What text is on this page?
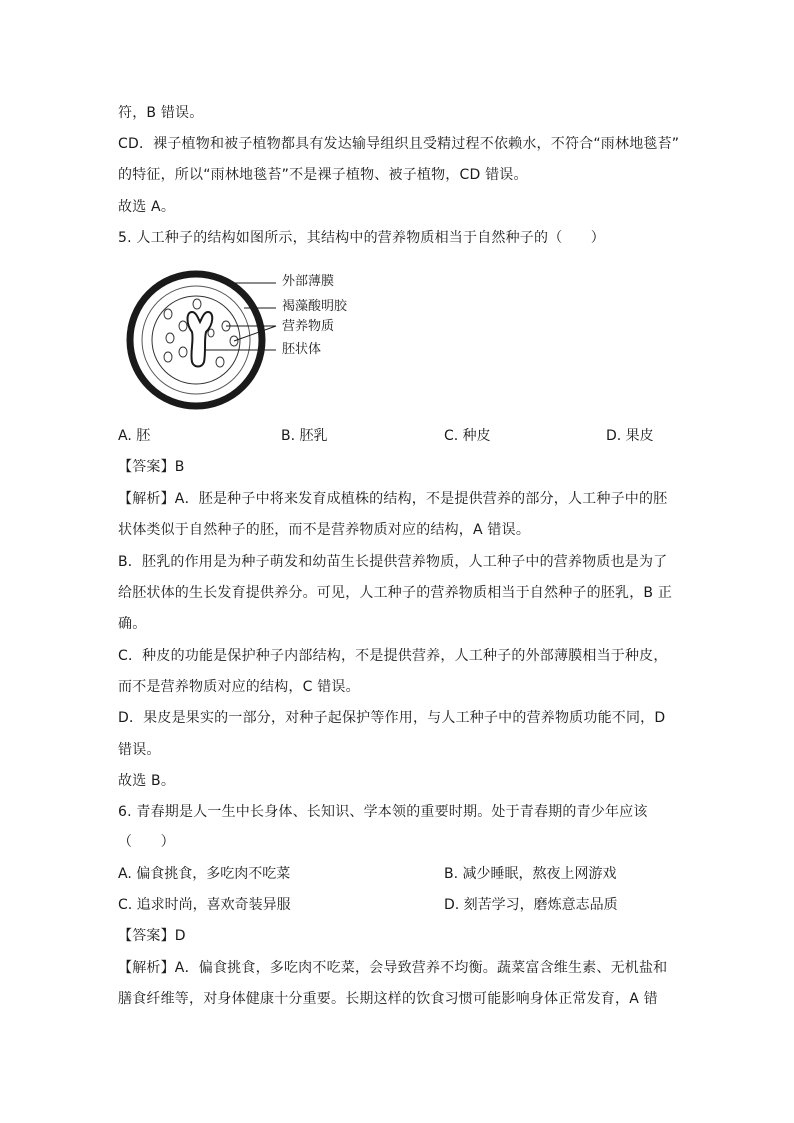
符，B 错误。
CD．裸子植物和被子植物都具有发达输导组织且受精过程不依赖水，不符合“雨林地毯苔”
的特征，所以“雨林地毯苔”不是裸子植物、被子植物，CD 错误。
故选 A。
5. 人工种子的结构如图所示，其结构中的营养物质相当于自然种子的（　　）
外部薄膜
褐藻酸明胶
营养物质
胚状体
A. 胚	B. 胚乳	C. 种皮	D. 果皮
【答案】B
【解析】A．胚是种子中将来发育成植株的结构，不是提供营养的部分，人工种子中的胚
状体类似于自然种子的胚，而不是营养物质对应的结构，A 错误。
B．胚乳的作用是为种子萌发和幼苗生长提供营养物质，人工种子中的营养物质也是为了
给胚状体的生长发育提供养分。可见，人工种子的营养物质相当于自然种子的胚乳，B 正
确。
C．种皮的功能是保护种子内部结构，不是提供营养，人工种子的外部薄膜相当于种皮，
而不是营养物质对应的结构，C 错误。
D．果皮是果实的一部分，对种子起保护等作用，与人工种子中的营养物质功能不同，D
错误。
故选 B。
6. 青春期是人一生中长身体、长知识、学本领的重要时期。处于青春期的青少年应该
（　　）
A. 偏食挑食，多吃肉不吃菜	B. 减少睡眠，熬夜上网游戏
C. 追求时尚，喜欢奇装异服	D. 刻苦学习，磨炼意志品质
【答案】D
【解析】A．偏食挑食，多吃肉不吃菜，会导致营养不均衡。蔬菜富含维生素、无机盐和
膳食纤维等，对身体健康十分重要。长期这样的饮食习惯可能影响身体正常发育，A 错
